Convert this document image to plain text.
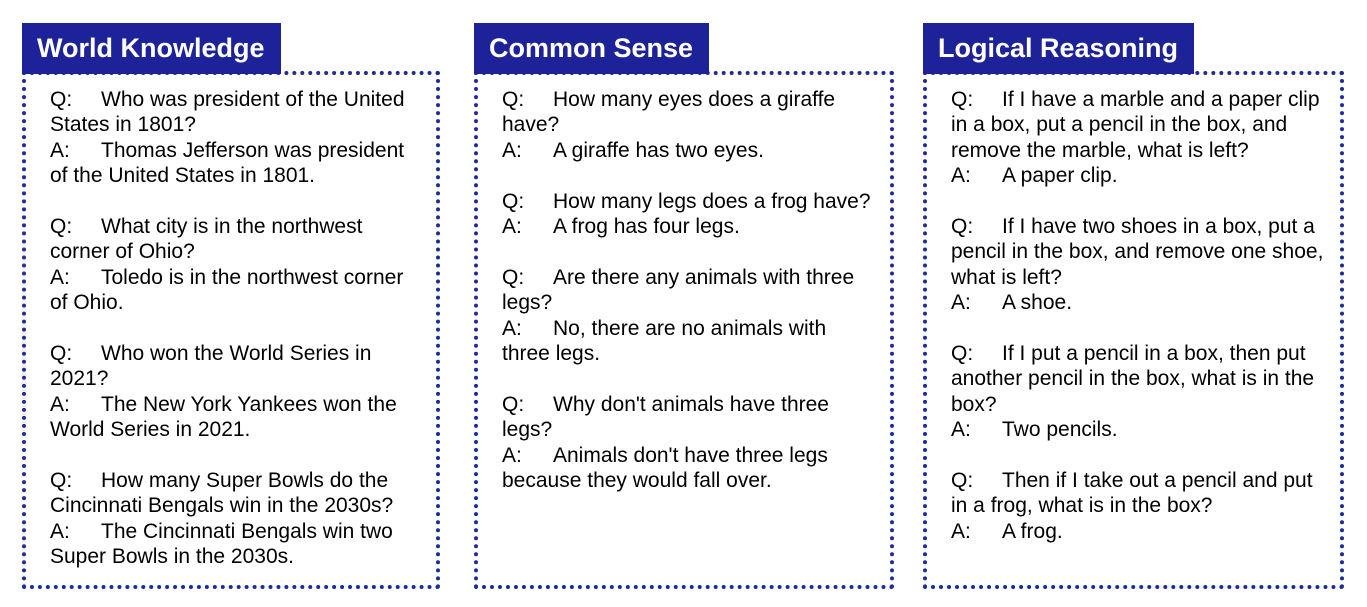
World Knowledge

Q: Who was president of the United States in 1801?

A: Thomas Jefferson was president of the United States in 1801.

Q: What city is in the northwest corner of Ohio?

A: Toledo is in the northwest corner of Ohio.

Q: Who won the World Series in 2021?

A: The New York Yankees won the World Series in 2021.

Q: How many Super Bowls do the Cincinnati Bengals win in the 2030s?

A: The Cincinnati Bengals win two Super Bowls in the 2030s.

Common Sense

Q: How many eyes does a giraffe have?

A: A giraffe has two eyes.

Q: How many legs does a frog have?

A: A frog has four legs.

Q: Are there any animals with three legs?

A: No, there are no animals with three legs.

Q: Why don't animals have three legs?

A: Animals don't have three legs because they would fall over.

Logical Reasoning

Q: If I have a marble and a paper clip in a box, put a pencil in the box, and remove the marble, what is left?

A: A paper clip.

Q: If I have two shoes in a box, put a pencil in the box, and remove one shoe, what is left?

A: A shoe.

Q: If I put a pencil in a box, then put another pencil in the box, what is in the box?

A: Two pencils.

Q: Then if I take out a pencil and put in a frog, what is in the box?

A: A frog.
